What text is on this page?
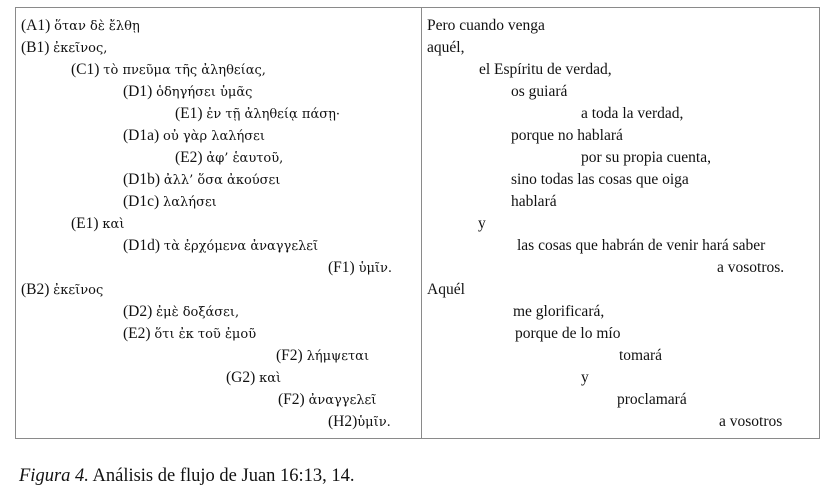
(A1) ὅταν δὲ ἔλθῃ
(B1) ἐκεῖνος,
(C1) τὸ πνεῦμα τῆς ἀληθείας,
(D1) ὁδηγήσει ὑμᾶς
(E1) ἐν τῇ ἀληθείᾳ πάσῃ·
(D1a) οὐ γὰρ λαλήσει
(E2) ἀφ’ ἑαυτοῦ,
(D1b) ἀλλ’ ὅσα ἀκούσει
(D1c) λαλήσει
(E1) καὶ
(D1d) τὰ ἐρχόμενα ἀναγγελεῖ
(F1) ὑμῖν.
(B2) ἐκεῖνος
(D2) ἐμὲ δοξάσει,
(E2) ὅτι ἐκ τοῦ ἐμοῦ
(F2) λήμψεται
(G2) καὶ
(F2) ἀναγγελεῖ
(H2)ὑμῖν.
Pero cuando venga
aquél,
el Espíritu de verdad,
os guiará
a toda la verdad,
porque no hablará
por su propia cuenta,
sino todas las cosas que oiga
hablará
y
las cosas que habrán de venir hará saber
a vosotros.
Aquél
me glorificará,
porque de lo mío
tomará
y
proclamará
a vosotros
Figura 4. Análisis de flujo de Juan 16:13, 14.
